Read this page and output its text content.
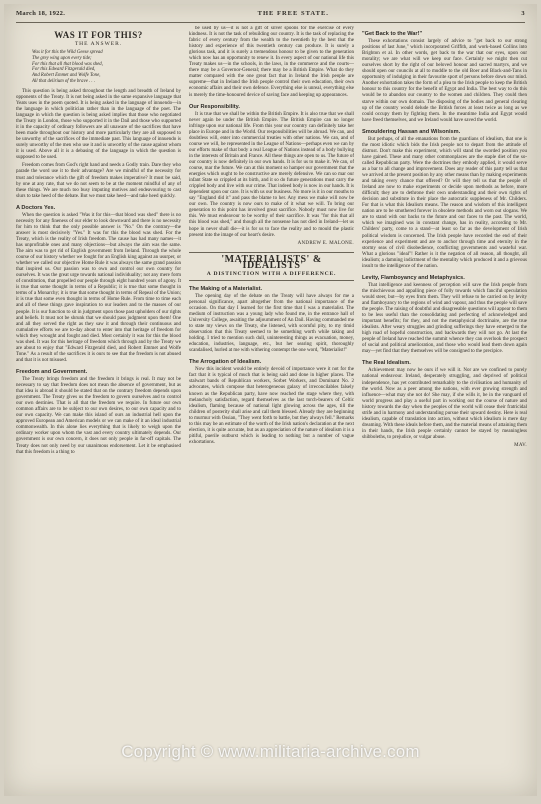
March 18, 1922.	THE FREE STATE.	3
WAS IT FOR THIS?
THE ANSWER.
Was it for this the Wild Geese spread
The grey wing upon every tide;
For this that all that blood was shed,
For this Edward Fitzgerald died,
And Robert Emmet and Wolfe Tone,
All that delirium of the brave . . .

This question is being asked throughout the length and breadth of Ireland by opponents of the Treaty. It is not being asked in the same expansive language that Yeats uses in the poem quoted. It is being asked in the language of innuendo—in the language in which politician rather than in the language of the poet. The language in which the question is being asked implies that those who negotiated the Treaty in London, those who supported it in the Dail and those who supported it in the capacity of ordinary followers are all unaware of the sacrifices that have been made throughout our history and more particularly they are all supposed to be unworthy of the sacrifices of the immediate past. This language of innuendo is surely unworthy of the men who use it and is unworthy of the cause against whom it is used. Above all it is a debasing of the language in which the question is supposed to be used.

Freedom comes from God's right hand and needs a Godly train. Dare they who parade the word use it to their advantage? Are we mindful of the necessity for trust and tolerance which the gift of freedom makes imperative? It must be said, by one at any rate, that we do not seem to be at the moment mindful of any of these things. We are much too busy imputing motives and endeavouring to cast slurs to take heed of the debate. But we must take heed—and take heed quickly.

A Doctors Yes.

When the question is asked "Was it for this—that blood was shed" there is no necessity for any fineness of our elder to look downward and there is no necessity for him to think that the only possible answer is "No." On the contrary—the answer is most decisively "Yes." It was for this the blood was shed. For the Treaty, which is the reality of Irish freedom. The cause has had many names—it has unprofitable ones and many objections—but always the aim was the same. The aim was to get rid of English government from Ireland. Through the whole course of our history whether we fought for an English king against an usurper, or whether we called our objective Home Rule it was always the same grand passion that inspired us. Our passion was to own and control our own country for ourselves. It was the great urge towards national individuality; not any mere form of constitution, that propelled our people through eight hundred years of agony. It is true that some thought in terms of a Republic; it is true that some thought in terms of a Monarchy; it is true that some thought in terms of Repeal of the Union; it is true that some even thought in terms of Home Rule. From time to time each and all of these things gave inspiration to our leaders and to the masses of our people. It is our function to sit in judgment upon those past upholders of our rights and beliefs. It must not be shrunk that we should pass judgment upon them! One and all they served the right as they saw it and through their continuous and cumulative efforts we are to-day about to enter into that heritage of freedom for which they wrought and fought and died. Most certainly it was for this the blood was shed. It was for this heritage of freedom which through and by the Treaty we are about to enjoy that "Edward Fitzgerald died, and Robert Emmet and Wolfe Tone." As a result of the sacrifices it is ours to see that the freedom is not abused and that it is not misused.

Freedom and Government.

The Treaty brings freedom and the freedom it brings is real. It may not be necessary to say that freedom does not mean the absence of government, but as that idea is abroad it should be stated that on the contrary freedom depends upon government. The Treaty gives us the freedom to govern ourselves and to control our own destinies. That is all that the freedom we require. In future our own common affairs are to be subject to our own desires, to our own capacity and to our own capacity. We can make this island of ours an industrial hell upon the approved European and American models or we can make of it an ideal industrial commonwealth. In this alone lies everything that is likely to weigh upon the ordinary worker upon whom the vast and every country ultimately depends. Our government is our own concern, it does not only people in far-off capitals. The Treaty does not only need by our unanimous endorsement. Let it be emphasised that this freedom is a thing to

be used by us—it is not a gift of silver spoons for the exercise of every kindness. It is not the task of rebuilding our country. It is the task of replacing the fabric of every century from the wealth to the twentieth by the best that the history and experience of this twentieth century can produce. It is surely a glorious task, and it is surely a tremendous honour to be given to the generation which now has an opportunity to renew it. In every aspect of our national life this Treaty makes us—in the schools, in the laws, in the commerce and the courts—there may be a Governor-General; there may be a British Empire. What do they matter compared with the one great fact that in Ireland the Irish people are supreme—that in Ireland the Irish people control their own education, their own economic affairs and their own defence. Everything else is unreal, everything else is merely the time-honoured device of saving face and keeping up appearances.

Our Responsibility.

It is true that we shall be within the British Empire. It is also true that we shall never again be under the British Empire. The British Empire can no longer infringe upon our national life. From this year our country can definitely take her place in Europe and in the World. Our responsibilities will be abroad. We can, and doubtless will, enter into commercial treaties with other nations. We can, and of course we will, be represented in the League of Nations—perhaps even we can by our efforts make of that body a real League of Nations instead of a body bullying in the interests of Britain and France. All these things are open to us. The future of our country is now definitely in our own hands. It is for us to make it. We can, of course, mar the future. We can at this moment so hamper our government that the energies which ought to be constructive are merely defensive. We can so mar our infant State so crippled at its birth, and it so do future generations must carry the crippled body and live with our crime. That indeed body is now in our hands. It is dependent upon our care. It is with us our business. No more is it in our mouths to say "England did it" and pass the blame to her. Any mess we make will now be our own. The country is now ours to make of it what we will. To bring our generation to this point has involved great sacrifice. Nobody must now live for this. We must endeavour to be worthy of their sacrifice. It was "for this that all this blood was shed," and though all the nonsense has not died in Ireland—let us hope in never shall die—it is for us to face the reality and to mould the plastic present into the image of our heart's desire.

ANDREW E. MALONE.
'MATERIALISTS' & 'IDEALISTS'
A DISTINCTION WITH A DIFFERENCE.
The Making of a Materialist.

The opening day of the debate on the Treaty will have always for me a personal significance, apart altogether from the national importance of the occasion. On that day I learned for the first time that I was a materialist. The medium of instruction was a young lady who found me, in the entrance hall of University College, awaiting the adjournment of An Dail. Having commanded me to state my views on the Treaty, she listened, with scornful pity, to my timid observation that this Treaty seemed to be something worth while taking and holding. I tried to mention such dull, uninteresting things as evacuation, money, education, industries, language, etc., but her searing spirit, thoroughly scandalised, hurled at me with withering contempt the one word, "Materialist!"

The Arrogation of Idealism.

Now this incident would be entirely devoid of importance were it not for the fact that it is typical of much that is being said and done in higher places. The stalwart bands of Republican workers, Sorbet Workers, and Dominant No. 2 advocates, which compose that heterogeneous galaxy of irreconcilables falsely known as the Republican party, have now reached the stage where they, with melancholy satisfaction, regard themselves as the last torch-bearers of Celtic idealism, flaming because of national light glowing across the ages, till the children of posterity shall arise and call them blessed. Already they are beginning to murmur with Ossian, "They went forth to battle, but they always fell." Remarks to this may be an estimate of the worth of the Irish nation's declaration at the next election, it is quite accurate, but as an appreciation of the nature of idealism it is a pitiful, puerile outburst which is leading to nothing but a number of vague exhortations.

"Get Back to the War!"

These exhortations consist largely of advice to "get back to our strong positions of last June," which incorporated Griffith, and work-based Collins into Brighton et al. In other words, get back to the war that our eyes, upon our morality; we are what will we keep our face. Certainly we might then cut ourselves short by the right of our beloved honour and sacred martyrs, and we should open our councils at all to muddle to the old Boer and Black-and-Tans in opportunity of indulging in their favourite sport of persons before down our mind. Another exhortation takes the form of a plea to the Irish people to keep the British honour to this country for the benefit of Egypt and India. The best way to do this would be to abandon our country to the women and children. They could then starve within our own domain. The disposing of the bodies and general clearing up of the country would delude the British forces at least twice as long as we could occupy them by fighting them. In the meantime India and Egypt would have freed themselves, and we Ireland would have saved the world.

Smouldering Hassan and Wilsonism.

But perhaps, of all the emanations from the guardians of idealism, that one is the most idiotic which bids the Irish people not to depart from the attitude of distrust. Don't make this experiment, which will stand the sworded position you have gained. These and many other commonplaces are the staple diet of the so-called Republican party. Were the doctrines they embody applied, it would serve as a bar to all change and improvement. Does any reader of this party tell us that we arrived at the present position by any other means than by making experiments and taking every chance that offered? Or will they tell us that the people of Ireland are now to make experiments or decide upon methods as before, more difficult; they are to dethrone their own understanding and their own rights of decision and substitute in their place the autocratic suppleness of Mr. Childers. For that is what this Idealism means. The reason and wisdom of this intelligent nation are to be smothered forever in obsolete methods and worn out slogans. We are to stand with our backs to the future and our faces to the past. The world, which we imagined was in constant change, has in reality, according to Mr. Childers' party, come to a stand—at least so far as the development of Irish political wisdom is concerned. The Irish people have recorded the end of their experience and experiment and are to anchor through time and eternity in the stormy seas of civil disobedience, conflicting governments and wasteful war. What a glorious "ideal"! Rather is it the negation of all reason, all thought, all idealism; a damning indictment of the mentality which produced it and a grievous insult to the intelligence of the nation.

Levity, Flamboyancy and Metaphysics.

That intelligence and keenness of perception will save the Irish people from the mischievous and appalling piece of folly towards which fanciful speculation would steer, but—by eyes from them. They will refuse to be carried on by levity and flamboyancy to the regions of wind and vapour, and thus the people will save the people. The raising of doubtful and disagreeable questions will appear to them to be less useful than the consolidating and perfecting of acknowledged and important benefits; for they, and not the metaphysical doctrinaire, are the true idealists. After weary struggles and grinding sufferings they have emerged to the high road of hopeful construction, and backwards they will not go. At last the people of Ireland have reached the summit whence they can overlook the prospect of social and political amelioration, and those who would lead them down again may—yet find that they themselves will be consigned to the precipice.

The Real Idealism.

Achievement may now be ours if we will it. Nor are we confined to purely national endeavour. Ireland, desperately struggling, and deprived of political independence, has yet contributed remarkably to the civilisation and humanity of the world. Now as a peer among the nations, with ever growing strength and influence—what may she not do! She may, if she wills it, be in the vanguard of world progress and play a useful part in working out the course of nature and history towards the day when the peoples of the world will cease their fratricidal strife and in harmony and understanding pursue their upward destiny. Here is real idealism, capable of translation into action, without which idealism is mere day dreaming. With these ideals before them, and the material means of attaining them in their hands, the Irish people certainly cannot be stayed by meaningless shibboleths, to prejudice, or vulgar abuse.

MAV.
Copyright © www.militaria-archive.com
